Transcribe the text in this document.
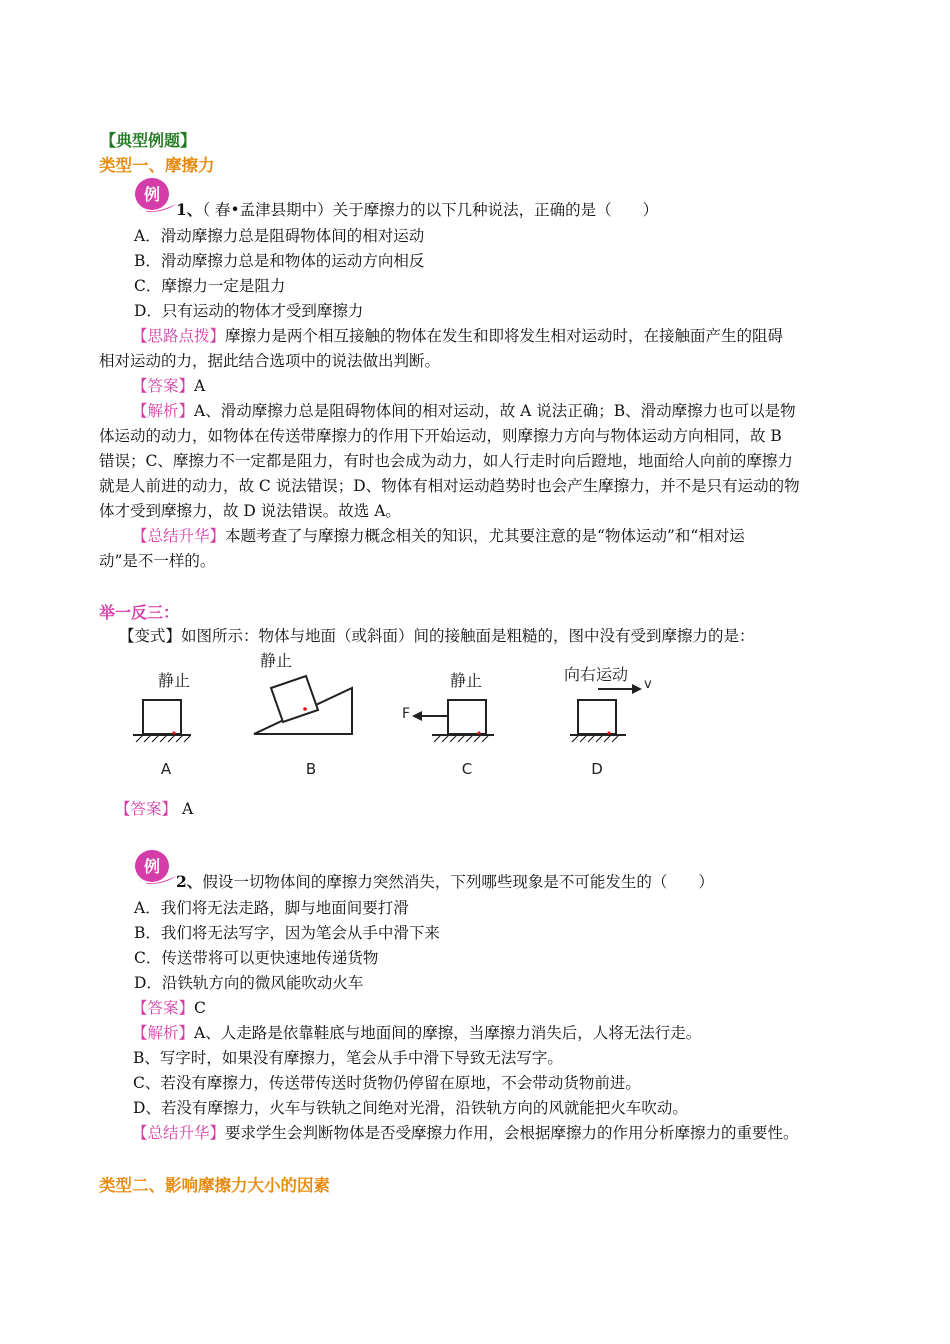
【典型例题】
类型一、摩擦力
例
1、（ 春•孟津县期中）关于摩擦力的以下几种说法，正确的是（　　）
A．滑动摩擦力总是阻碍物体间的相对运动
B．滑动摩擦力总是和物体的运动方向相反
C．摩擦力一定是阻力
D．只有运动的物体才受到摩擦力
【思路点拨】摩擦力是两个相互接触的物体在发生和即将发生相对运动时，在接触面产生的阻碍
相对运动的力，据此结合选项中的说法做出判断。
【答案】A
【解析】A、滑动摩擦力总是阻碍物体间的相对运动，故 A 说法正确；B、滑动摩擦力也可以是物
体运动的动力，如物体在传送带摩擦力的作用下开始运动，则摩擦力方向与物体运动方向相同，故 B
错误；C、摩擦力不一定都是阻力，有时也会成为动力，如人行走时向后蹬地，地面给人向前的摩擦力
就是人前进的动力，故 C 说法错误；D、物体有相对运动趋势时也会产生摩擦力，并不是只有运动的物
体才受到摩擦力，故 D 说法错误。故选 A。
【总结升华】本题考查了与摩擦力概念相关的知识，尤其要注意的是“物体运动”和“相对运
动”是不一样的。
举一反三：
【变式】如图所示：物体与地面（或斜面）间的接触面是粗糙的，图中没有受到摩擦力的是：
静止
A
静止
B
静止
F
C
向右运动
v
D
【答案】 A
例
2、假设一切物体间的摩擦力突然消失，下列哪些现象是不可能发生的（　　）
A．我们将无法走路，脚与地面间要打滑
B．我们将无法写字，因为笔会从手中滑下来
C．传送带将可以更快速地传递货物
D．沿铁轨方向的微风能吹动火车
【答案】C
【解析】A、人走路是依靠鞋底与地面间的摩擦，当摩擦力消失后，人将无法行走。
B、写字时，如果没有摩擦力，笔会从手中滑下导致无法写字。
C、若没有摩擦力，传送带传送时货物仍停留在原地，不会带动货物前进。
D、若没有摩擦力，火车与铁轨之间绝对光滑，沿铁轨方向的风就能把火车吹动。
【总结升华】要求学生会判断物体是否受摩擦力作用，会根据摩擦力的作用分析摩擦力的重要性。
类型二、影响摩擦力大小的因素
